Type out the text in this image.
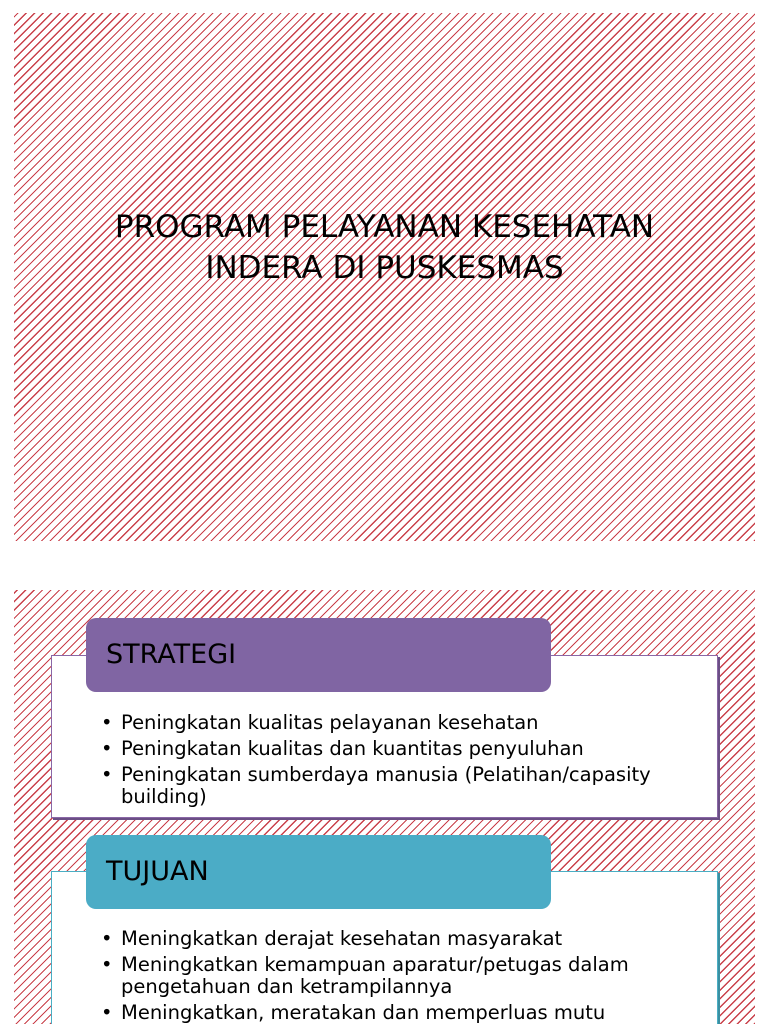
PROGRAM PELAYANAN KESEHATAN
INDERA DI PUSKESMAS
STRATEGI
• Peningkatan kualitas pelayanan kesehatan
• Peningkatan kualitas dan kuantitas penyuluhan
• Peningkatan sumberdaya manusia (Pelatihan/capasity building)
TUJUAN
• Meningkatkan derajat kesehatan masyarakat
• Meningkatkan kemampuan aparatur/petugas dalam pengetahuan dan ketrampilannya
• Meningkatkan, meratakan dan memperluas mutu
